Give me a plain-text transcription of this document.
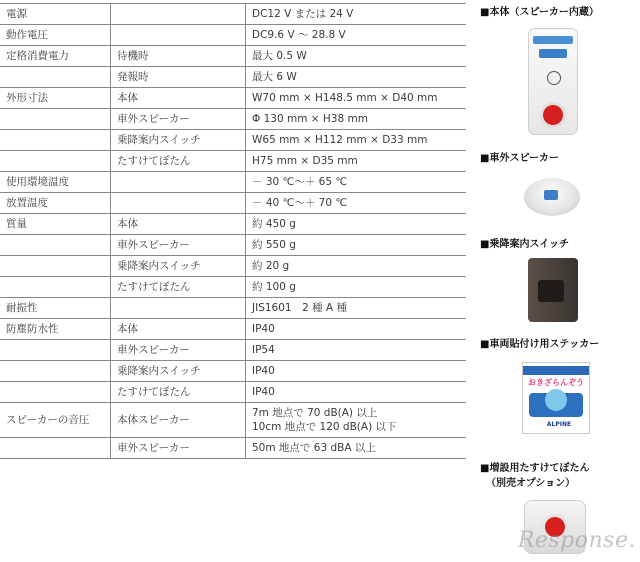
電源		DC12 V または 24 V

動作電圧		DC9.6 V ～ 28.8 V

定格消費電力	待機時	最大 0.5 W

	発報時	最大 6 W

外形寸法	本体	W70 mm × H148.5 mm × D40 mm

	車外スピーカー	Φ 130 mm × H38 mm

	乗降案内スイッチ	W65 mm × H112 mm × D33 mm

	たすけてぼたん	H75 mm × D35 mm

使用環境温度		－ 30 ℃～＋ 65 ℃

放置温度		－ 40 ℃～＋ 70 ℃

質量	本体	約 450 g

	車外スピーカー	約 550 g

	乗降案内スイッチ	約 20 g

	たすけてぼたん	約 100 g

耐振性		JIS1601　2 種 A 種

防塵防水性	本体	IP40

	車外スピーカー	IP54

	乗降案内スイッチ	IP40

	たすけてぼたん	IP40

スピーカーの音圧	本体スピーカー	7m 地点で 70 dB(A) 以上
10cm 地点で 120 dB(A) 以下

	車外スピーカー	50m 地点で 63 dBA 以上
■本体（スピーカー内蔵）
■車外スピーカー
■乗降案内スイッチ
■車両貼付け用ステッカー
おきざらんぞう
ALPINE
■増設用たすけてぼたん
（別売オプション）
Response.
